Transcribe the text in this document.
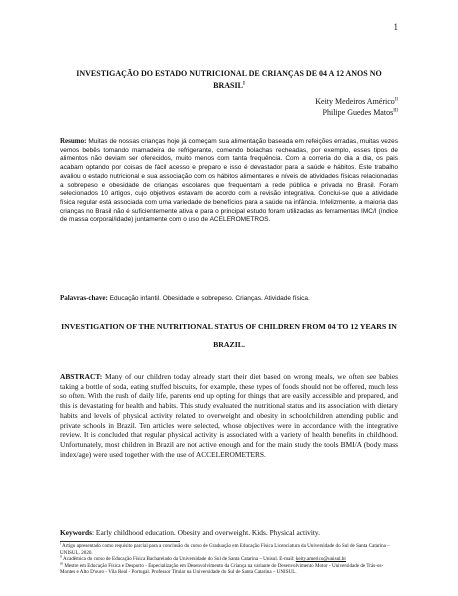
1
INVESTIGAÇÃO DO ESTADO NUTRICIONAL DE CRIANÇAS DE 04 A 12 ANOS NO $BRASIL^I$
Keity Medeiros Américo$^{II}$
Philipe Guedes Matos$^{III}$
Resumo: Muitas de nossas crianças hoje já começam sua alimentação baseada em refeições erradas, muitas vezes vemos bebês tomando mamadeira de refrigerante, comendo bolachas recheadas, por exemplo, esses tipos de alimentos não deviam ser oferecidos, muito menos com tanta frequência. Com a correria do dia a dia, os pais acabam optando por coisas de fácil acesso e preparo e isso é devastador para a saúde e hábitos. Este trabalho avaliou o estado nutricional e sua associação com os hábitos alimentares e níveis de atividades físicas relacionadas a sobrepeso e obesidade de crianças escolares que frequentam a rede pública e privada no Brasil. Foram selecionados 10 artigos, cujo objetivos estavam de acordo com a revisão integrativa. Conclui-se que a atividade física regular está associada com uma variedade de benefícios para a saúde na infância. Infelizmente, a maioria das crianças no Brasil não é suficientemente ativa e para o principal estudo foram utilizadas as ferramentas IMC/I (índice de massa corporal/idade) juntamente com o uso de ACELEROMETROS.
Palavras-chave: Educação infantil. Obesidade e sobrepeso. Crianças. Atividade física.
INVESTIGATION OF THE NUTRITIONAL STATUS OF CHILDREN FROM 04 TO 12 YEARS IN BRAZIL.
ABSTRACT: Many of our children today already start their diet based on wrong meals, we often see babies taking a bottle of soda, eating stuffed biscuits, for example, these types of foods should not be offered, much less so often. With the rush of daily life, parents end up opting for things that are easily accessible and prepared, and this is devastating for health and habits. This study evaluated the nutritional status and its association with dietary habits and levels of physical activity related to overweight and obesity in schoolchildren attending public and private schools in Brazil. Ten articles were selected, whose objectives were in accordance with the integrative review. It is concluded that regular physical activity is associated with a variety of health benefits in childhood. Unfortunately, most children in Brazil are not active enough and for the main study the tools BMI/A (body mass index/age) were used together with the use of ACCELEROMETERS.
Keywords: Early childhood education. Obesity and overweight. Kids. Physical activity.
$^I$ Artigo apresentado como requisito parcial para a conclusão do curso de Graduação em Educação Física Licenciatura da Universidade do Sul de Santa Catarina – UNISUL. 2020.
$^{II}$ Acadêmica do curso de Educação Física Bacharelado da Universidade do Sul de Santa Catarina – Unisul. E-mail: keity.americo@unisul.br
$^{III}$ Mestre em Educação Física e Desporto - Especialização em Desenvolvimento da Criança na variante do Desenvolvimento Motor - Universidade de Trás-os-Montes e Alto D'ouro - Vila Real - Portugal. Professor Titular na Universidade do Sul de Santa Catarina – UNISUL.
